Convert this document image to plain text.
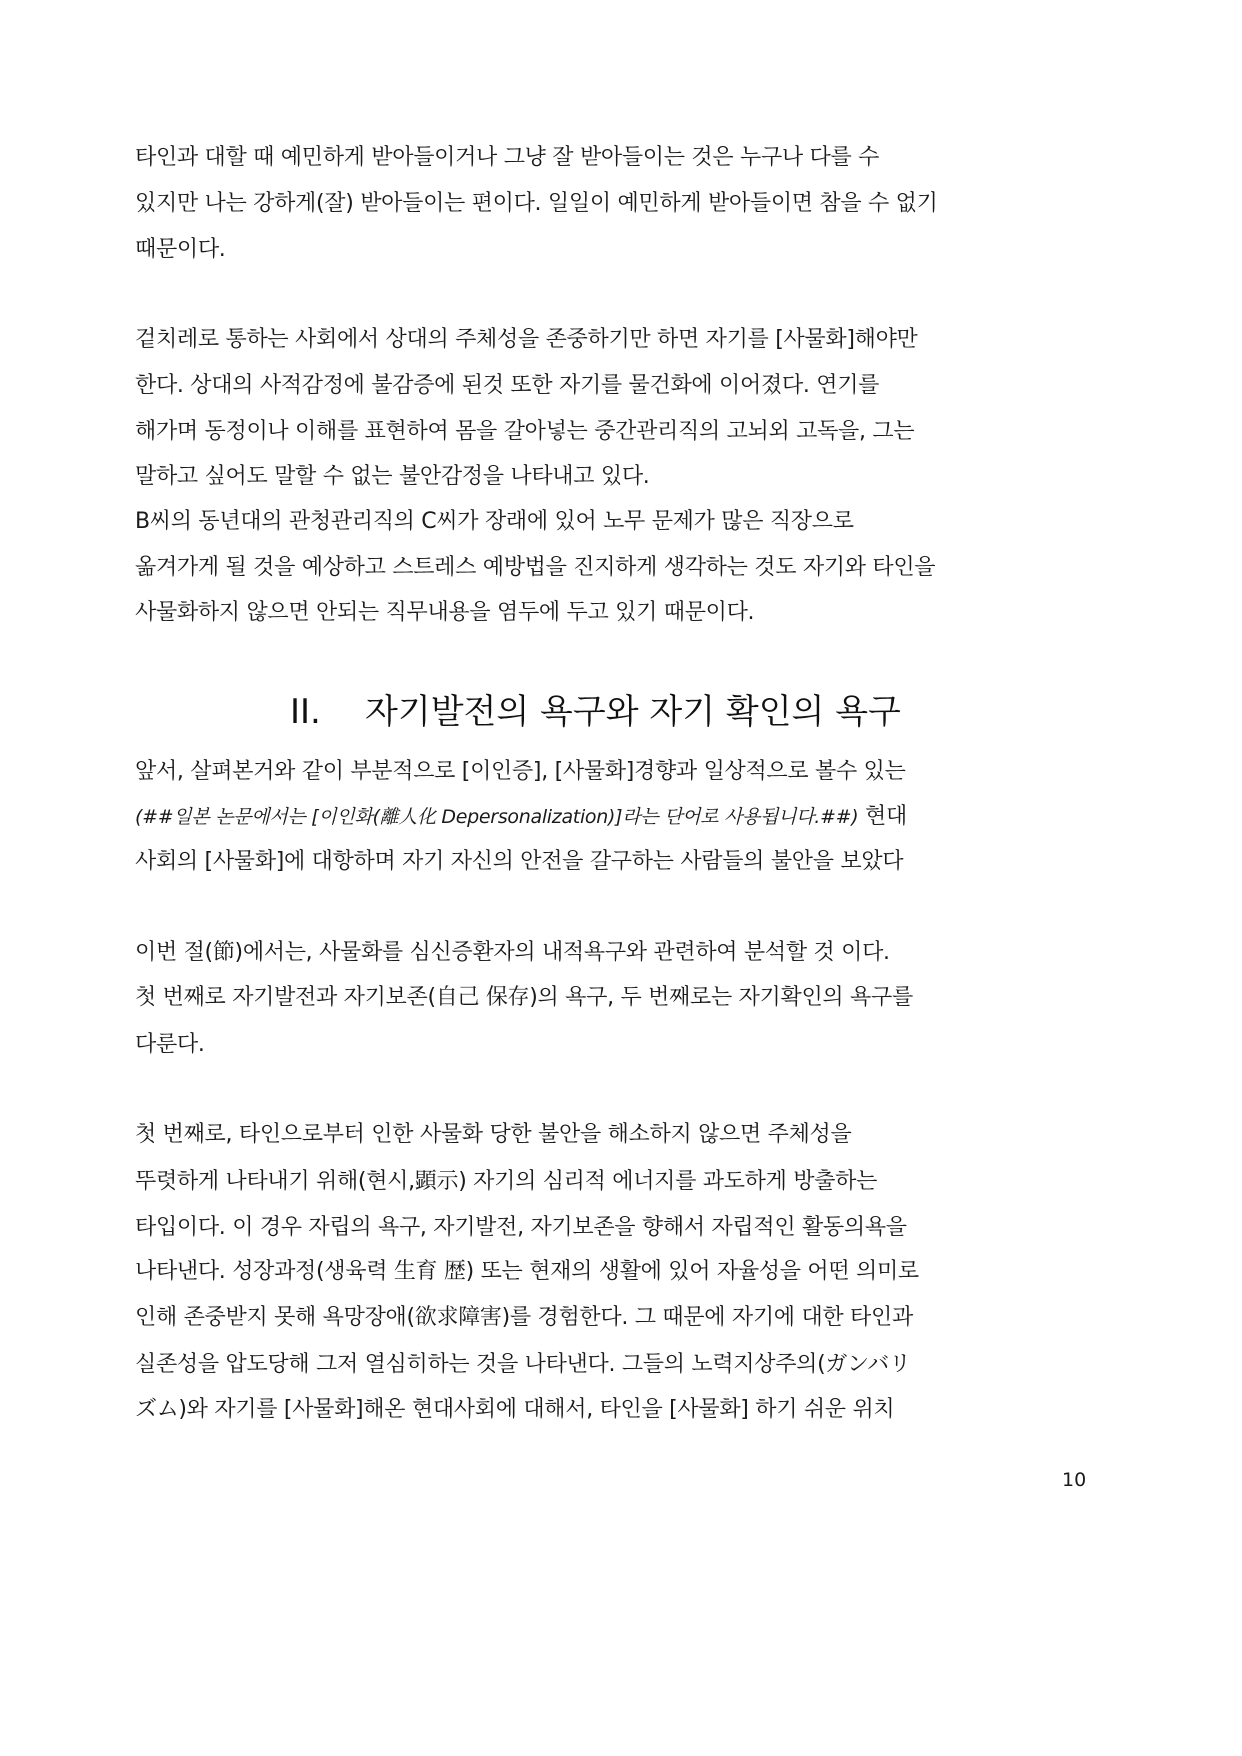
타인과 대할 때 예민하게 받아들이거나 그냥 잘 받아들이는 것은 누구나 다를 수
있지만 나는 강하게(잘) 받아들이는 편이다. 일일이 예민하게 받아들이면 참을 수 없기
때문이다.
겉치레로 통하는 사회에서 상대의 주체성을 존중하기만 하면 자기를 [사물화]해야만
한다. 상대의 사적감정에 불감증에 된것 또한 자기를 물건화에 이어졌다. 연기를
해가며 동정이나 이해를 표현하여 몸을 갈아넣는 중간관리직의 고뇌외 고독을, 그는
말하고 싶어도 말할 수 없는 불안감정을 나타내고 있다.
B씨의 동년대의 관청관리직의 C씨가 장래에 있어 노무 문제가 많은 직장으로
옮겨가게 될 것을 예상하고 스트레스 예방법을 진지하게 생각하는 것도 자기와 타인을
사물화하지 않으면 안되는 직무내용을 염두에 두고 있기 때문이다.
II. 자기발전의 욕구와 자기 확인의 욕구
앞서, 살펴본거와 같이 부분적으로 [이인증], [사물화]경향과 일상적으로 볼수 있는
(##일본 논문에서는 [이인화(離人化 Depersonalization)]라는 단어로 사용됩니다.##) 현대
사회의 [사물화]에 대항하며 자기 자신의 안전을 갈구하는 사람들의 불안을 보았다
이번 절(節)에서는, 사물화를 심신증환자의 내적욕구와 관련하여 분석할 것 이다.
첫 번째로 자기발전과 자기보존(自己 保存)의 욕구, 두 번째로는 자기확인의 욕구를
다룬다.
첫 번째로, 타인으로부터 인한 사물화 당한 불안을 해소하지 않으면 주체성을
뚜렷하게 나타내기 위해(현시,顕示) 자기의 심리적 에너지를 과도하게 방출하는
타입이다. 이 경우 자립의 욕구, 자기발전, 자기보존을 향해서 자립적인 활동의욕을
나타낸다. 성장과정(생육력 生育 歴) 또는 현재의 생활에 있어 자율성을 어떤 의미로
인해 존중받지 못해 욕망장애(欲求障害)를 경험한다. 그 때문에 자기에 대한 타인과
실존성을 압도당해 그저 열심히하는 것을 나타낸다. 그들의 노력지상주의(ガンバリ
ズム)와 자기를 [사물화]해온 현대사회에 대해서, 타인을 [사물화] 하기 쉬운 위치
10
